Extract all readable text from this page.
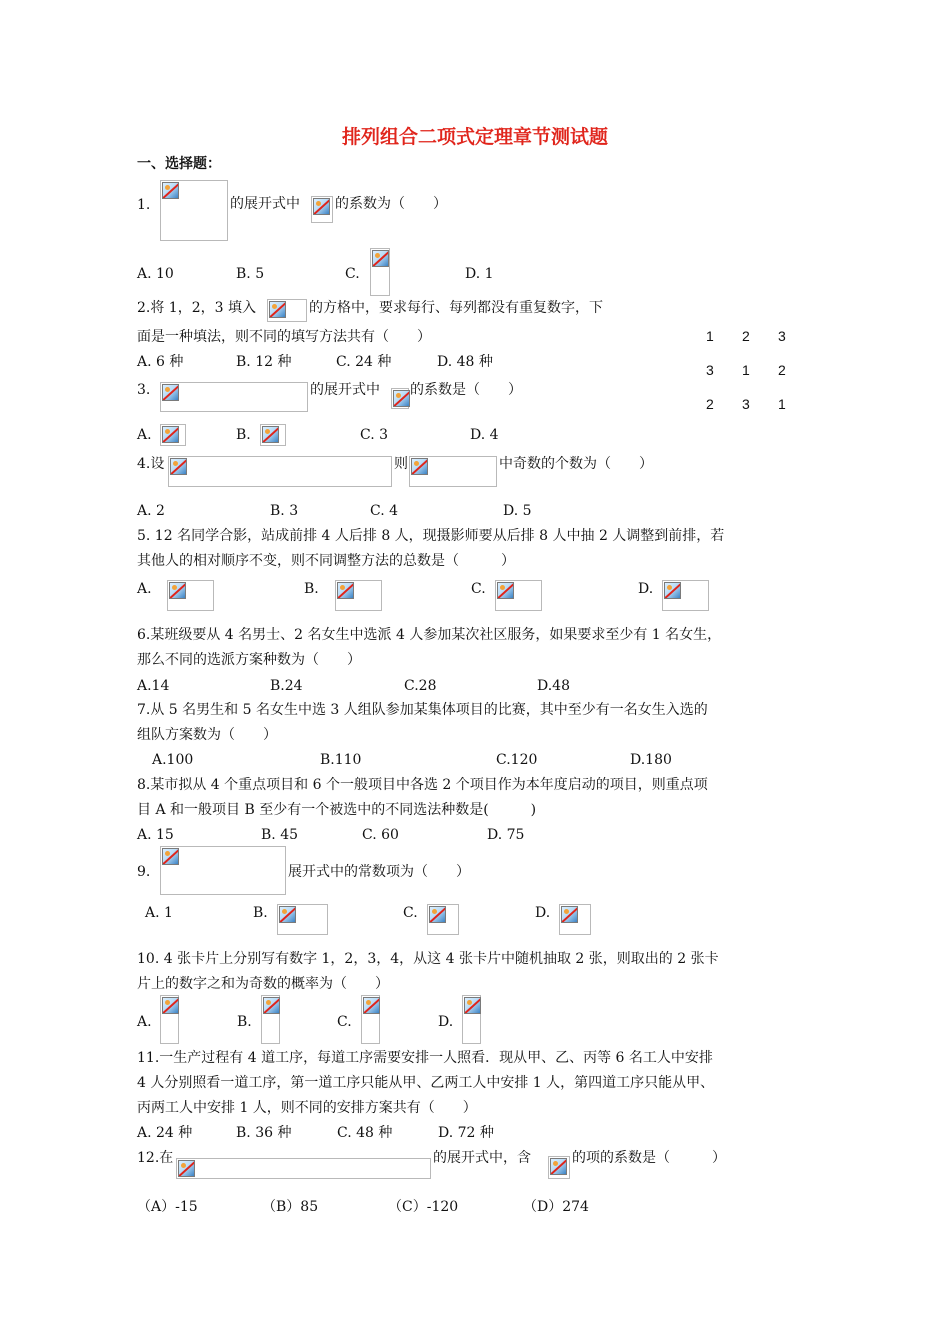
排列组合二项式定理章节测试题
一、选择题：
1.	的展开式中	的系数为（　　）
A. 10	B. 5	C.	D. 1
2.将 1，2，3 填入	的方格中，要求每行、每列都没有重复数字，下
面是一种填法，则不同的填写方法共有（　　）
A. 6 种	B. 12 种	C. 24 种	D. 48 种
1 2 3
3 1 2
2 3 1
3.	的展开式中 的系数是（　　）
A.	B.	C. 3	D. 4
4.设	则	中奇数的个数为（　　）
A. 2	B. 3	C. 4	D. 5
5. 12 名同学合影，站成前排 4 人后排 8 人，现摄影师要从后排 8 人中抽 2 人调整到前排，若
其他人的相对顺序不变，则不同调整方法的总数是（　　　）
A.	B.	C.	D.
6.某班级要从 4 名男士、2 名女生中选派 4 人参加某次社区服务，如果要求至少有 1 名女生，
那么不同的选派方案种数为（　　）
A.14	B.24	C.28	D.48
7.从 5 名男生和 5 名女生中选 3 人组队参加某集体项目的比赛，其中至少有一名女生入选的
组队方案数为（　　）
A.100	B.110	C.120	D.180
8.某市拟从 4 个重点项目和 6 个一般项目中各选 2 个项目作为本年度启动的项目，则重点项
目 A 和一般项目 B 至少有一个被选中的不同选法种数是(　　　)
A. 15	B. 45	C. 60	D. 75
9.	展开式中的常数项为（　　）
A. 1	B.	C.	D.
10. 4 张卡片上分别写有数字 1，2，3，4，从这 4 张卡片中随机抽取 2 张，则取出的 2 张卡
片上的数字之和为奇数的概率为（　　）
A.	B.	C.	D.
11.一生产过程有 4 道工序，每道工序需要安排一人照看．现从甲、乙、丙等 6 名工人中安排
4 人分别照看一道工序，第一道工序只能从甲、乙两工人中安排 1 人，第四道工序只能从甲、
丙两工人中安排 1 人，则不同的安排方案共有（　　）
A. 24 种	B. 36 种	C. 48 种	D. 72 种
12.在	的展开式中，含	的项的系数是（　　　）
（A）-15	（B）85	（C）-120	（D）274
